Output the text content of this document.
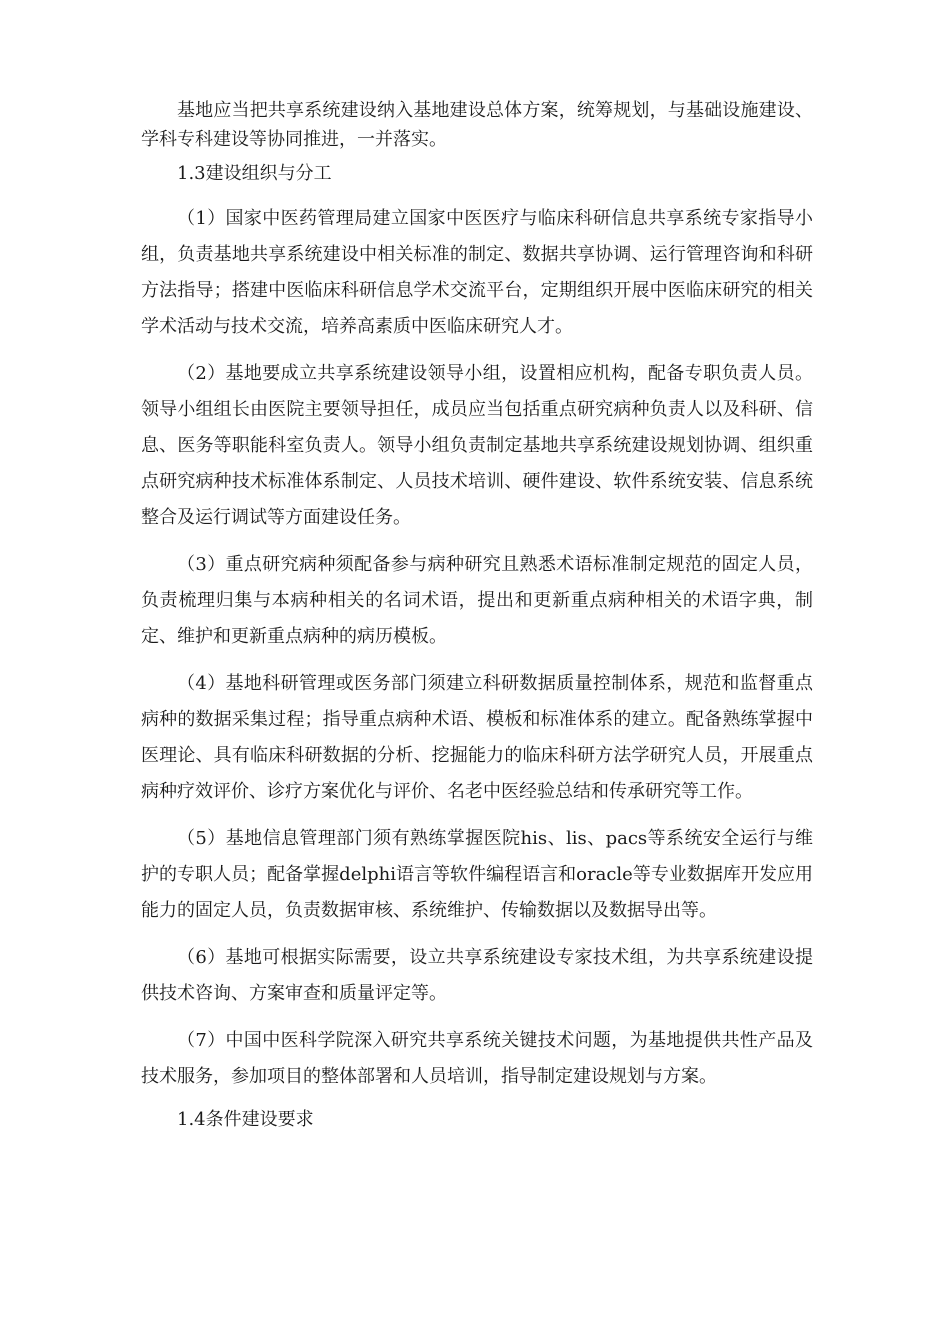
基地应当把共享系统建设纳入基地建设总体方案，统筹规划，与基础设施建设、学科专科建设等协同推进，一并落实。

1.3建设组织与分工

（1）国家中医药管理局建立国家中医医疗与临床科研信息共享系统专家指导小组，负责基地共享系统建设中相关标准的制定、数据共享协调、运行管理咨询和科研方法指导；搭建中医临床科研信息学术交流平台，定期组织开展中医临床研究的相关学术活动与技术交流，培养高素质中医临床研究人才。

（2）基地要成立共享系统建设领导小组，设置相应机构，配备专职负责人员。领导小组组长由医院主要领导担任，成员应当包括重点研究病种负责人以及科研、信息、医务等职能科室负责人。领导小组负责制定基地共享系统建设规划协调、组织重点研究病种技术标准体系制定、人员技术培训、硬件建设、软件系统安装、信息系统整合及运行调试等方面建设任务。

（3）重点研究病种须配备参与病种研究且熟悉术语标准制定规范的固定人员，负责梳理归集与本病种相关的名词术语，提出和更新重点病种相关的术语字典，制定、维护和更新重点病种的病历模板。

（4）基地科研管理或医务部门须建立科研数据质量控制体系，规范和监督重点病种的数据采集过程；指导重点病种术语、模板和标准体系的建立。配备熟练掌握中医理论、具有临床科研数据的分析、挖掘能力的临床科研方法学研究人员，开展重点病种疗效评价、诊疗方案优化与评价、名老中医经验总结和传承研究等工作。

（5）基地信息管理部门须有熟练掌握医院his、lis、pacs等系统安全运行与维护的专职人员；配备掌握delphi语言等软件编程语言和oracle等专业数据库开发应用能力的固定人员，负责数据审核、系统维护、传输数据以及数据导出等。

（6）基地可根据实际需要，设立共享系统建设专家技术组，为共享系统建设提供技术咨询、方案审查和质量评定等。

（7）中国中医科学院深入研究共享系统关键技术问题，为基地提供共性产品及技术服务，参加项目的整体部署和人员培训，指导制定建设规划与方案。

1.4条件建设要求
